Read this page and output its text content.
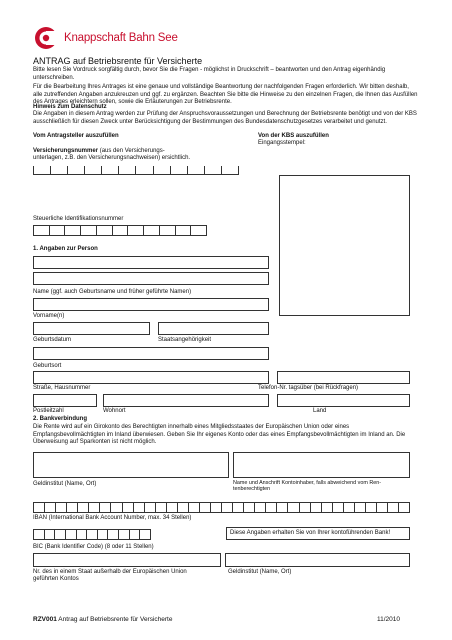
Knappschaft Bahn See
ANTRAG auf Betriebsrente für Versicherte
Bitte lesen Sie Vordruck sorgfältig durch, bevor Sie die Fragen - möglichst in Druckschrift – beantworten und den Antrag eigenhändig unterschreiben.
Für die Bearbeitung Ihres Antrages ist eine genaue und vollständige Beantwortung der nachfolgenden Fragen erforderlich. Wir bitten deshalb, alle zutreffenden Angaben anzukreuzen und ggf. zu ergänzen. Beachten Sie bitte die Hinweise zu den einzelnen Fragen, die Ihnen das Ausfüllen des Antrages erleichtern sollen, sowie die Erläuterungen zur Betriebsrente.
Hinweis zum Datenschutz
Die Angaben in diesem Antrag werden zur Prüfung der Anspruchsvoraussetzungen und Berechnung der Betriebsrente benötigt und von der KBS ausschließlich für diesen Zweck unter Berücksichtigung der Bestimmungen des Bundesdatenschutzgesetzes verarbeitet und genutzt.
Vom Antragsteller auszufüllen
Versicherungsnummer (aus den Versicherungs-
unterlagen, z.B. den Versicherungsnachweisen) ersichtlich.
Steuerliche Identifikationsnummer
Von der KBS auszufüllen
Eingangsstempel:
1. Angaben zur Person
Name (ggf. auch Geburtsname und früher geführte Namen)
Vorname(n)
Geburtsdatum	Staatsangehörigkeit
Geburtsort
Straße, Hausnummer	Telefon-Nr. tagsüber (bei Rückfragen)
Postleitzahl	Wohnort	Land
2. Bankverbindung
Die Rente wird auf ein Girokonto des Berechtigten innerhalb eines Mitgliedsstaates der Europäischen Union oder eines Empfangsbevollmächtigten im Inland überwiesen. Geben Sie Ihr eigenes Konto oder das eines Empfangsbevollmächtigten im Inland an. Die Überweisung auf Sparkonten ist nicht möglich.
Geldinstitut (Name, Ort)	Name und Anschrift Kontoinhaber, falls abweichend vom Ren-
tenberechtigten
IBAN (International Bank Account Number, max. 34 Stellen)
Diese Angaben erhalten Sie von Ihrer kontoführenden Bank!
BIC (Bank Identifier Code) (8 oder 11 Stellen)
Nr. des in einem Staat außerhalb der Europäischen Union
geführten Kontos
Geldinstitut (Name, Ort)
RZV001 Antrag auf Betriebsrente für Versicherte	11/2010
